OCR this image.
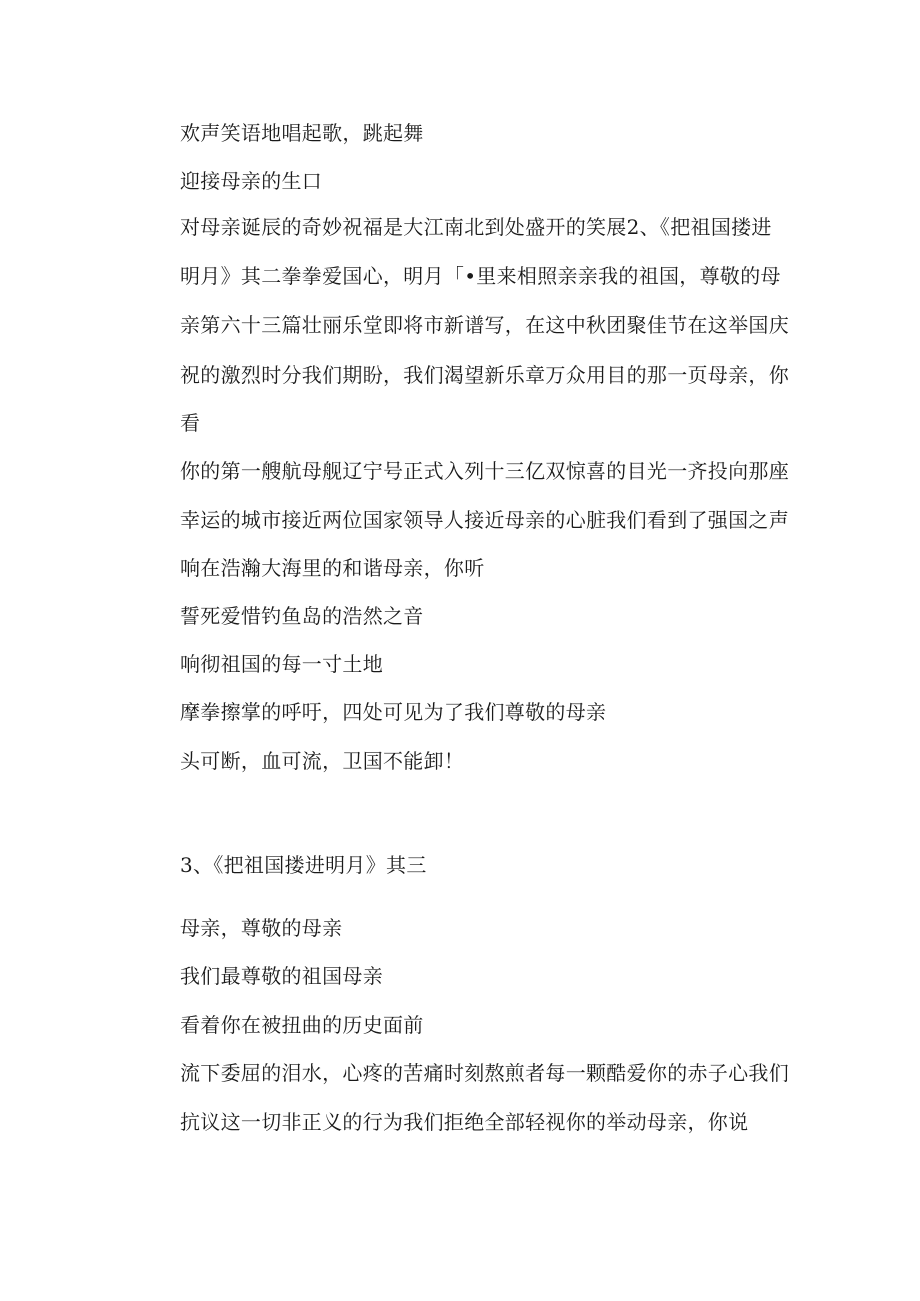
欢声笑语地唱起歌，跳起舞
迎接母亲的生口
对母亲诞辰的奇妙祝福是大江南北到处盛开的笑展2、《把祖国搂进
明月》其二拳拳爱国心，明月「•里来相照亲亲我的祖国，尊敬的母
亲第六十三篇壮丽乐堂即将市新谱写，在这中秋团聚佳节在这举国庆
祝的激烈时分我们期盼，我们渴望新乐章万众用目的那一页母亲，你
看
你的第一艘航母舰辽宁号正式入列十三亿双惊喜的目光一齐投向那座
幸运的城市接近两位国家领导人接近母亲的心脏我们看到了强国之声
响在浩瀚大海里的和谐母亲，你听
誓死爱惜钓鱼岛的浩然之音
响彻祖国的每一寸土地
摩拳擦掌的呼吁，四处可见为了我们尊敬的母亲
头可断，血可流，卫国不能卸！
3、《把祖国搂进明月》其三
母亲，尊敬的母亲
我们最尊敬的祖国母亲
看着你在被扭曲的历史面前
流下委屈的泪水，心疼的苦痛时刻熬煎者每一颗酷爱你的赤子心我们
抗议这一切非正义的行为我们拒绝全部轻视你的举动母亲，你说
